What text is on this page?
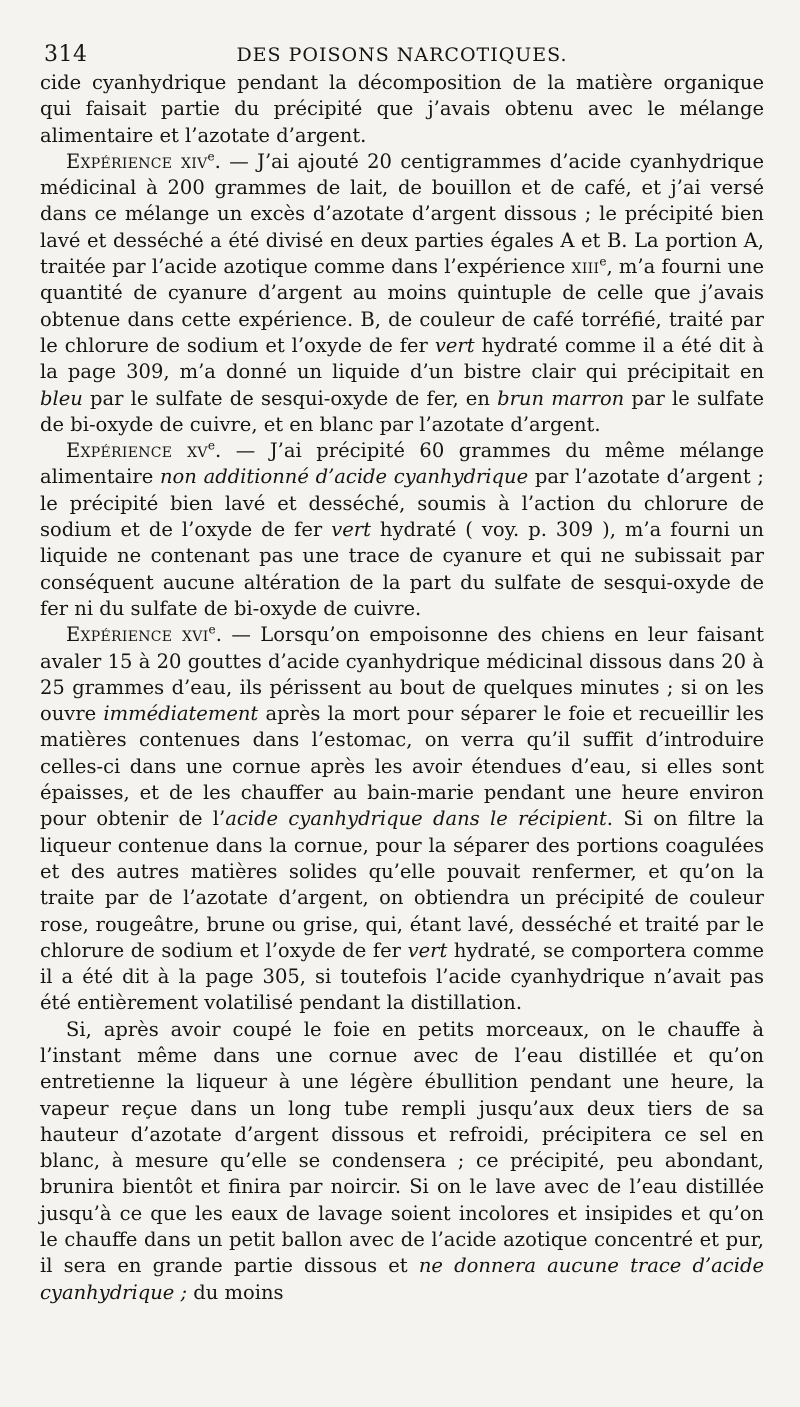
314	DES POISONS NARCOTIQUES.

cide cyanhydrique pendant la décomposition de la matière organique qui faisait partie du précipité que j’avais obtenu avec le mélange alimentaire et l’azotate d’argent.

Expérience xiv$^e$. — J’ai ajouté 20 centigrammes d’acide cyanhydrique médicinal à 200 grammes de lait, de bouillon et de café, et j’ai versé dans ce mélange un excès d’azotate d’argent dissous ; le précipité bien lavé et desséché a été divisé en deux parties égales A et B. La portion A, traitée par l’acide azotique comme dans l’expérience xiii$^e$, m’a fourni une quantité de cyanure d’argent au moins quintuple de celle que j’avais obtenue dans cette expérience. B, de couleur de café torréfié, traité par le chlorure de sodium et l’oxyde de fer vert hydraté comme il a été dit à la page 309, m’a donné un liquide d’un bistre clair qui précipitait en bleu par le sulfate de sesqui-oxyde de fer, en brun marron par le sulfate de bi-oxyde de cuivre, et en blanc par l’azotate d’argent.

Expérience $xv^e$. — J’ai précipité 60 grammes du même mélange alimentaire non additionné d’acide cyanhydrique par l’azotate d’argent ; le précipité bien lavé et desséché, soumis à l’action du chlorure de sodium et de l’oxyde de fer vert hydraté ( voy. p. 309 ), m’a fourni un liquide ne contenant pas une trace de cyanure et qui ne subissait par conséquent aucune altération de la part du sulfate de sesqui-oxyde de fer ni du sulfate de bi-oxyde de cuivre.

Expérience xvi$^e$. — Lorsqu’on empoisonne des chiens en leur faisant avaler 15 à 20 gouttes d’acide cyanhydrique médicinal dissous dans 20 à 25 grammes d’eau, ils périssent au bout de quelques minutes ; si on les ouvre immédiatement après la mort pour séparer le foie et recueillir les matières contenues dans l’estomac, on verra qu’il suffit d’introduire celles-ci dans une cornue après les avoir étendues d’eau, si elles sont épaisses, et de les chauffer au bain-marie pendant une heure environ pour obtenir de l’acide cyanhydrique dans le récipient. Si on filtre la liqueur contenue dans la cornue, pour la séparer des portions coagulées et des autres matières solides qu’elle pouvait renfermer, et qu’on la traite par de l’azotate d’argent, on obtiendra un précipité de couleur rose, rougeâtre, brune ou grise, qui, étant lavé, desséché et traité par le chlorure de sodium et l’oxyde de fer vert hydraté, se comportera comme il a été dit à la page 305, si toutefois l’acide cyanhydrique n’avait pas été entièrement volatilisé pendant la distillation.

Si, après avoir coupé le foie en petits morceaux, on le chauffe à l’instant même dans une cornue avec de l’eau distillée et qu’on entretienne la liqueur à une légère ébullition pendant une heure, la vapeur reçue dans un long tube rempli jusqu’aux deux tiers de sa hauteur d’azotate d’argent dissous et refroidi, précipitera ce sel en blanc, à mesure qu’elle se condensera ; ce précipité, peu abondant, brunira bientôt et finira par noircir. Si on le lave avec de l’eau distillée jusqu’à ce que les eaux de lavage soient incolores et insipides et qu’on le chauffe dans un petit ballon avec de l’acide azotique concentré et pur, il sera en grande partie dissous et ne donnera aucune trace d’acide cyanhydrique ; du moins
